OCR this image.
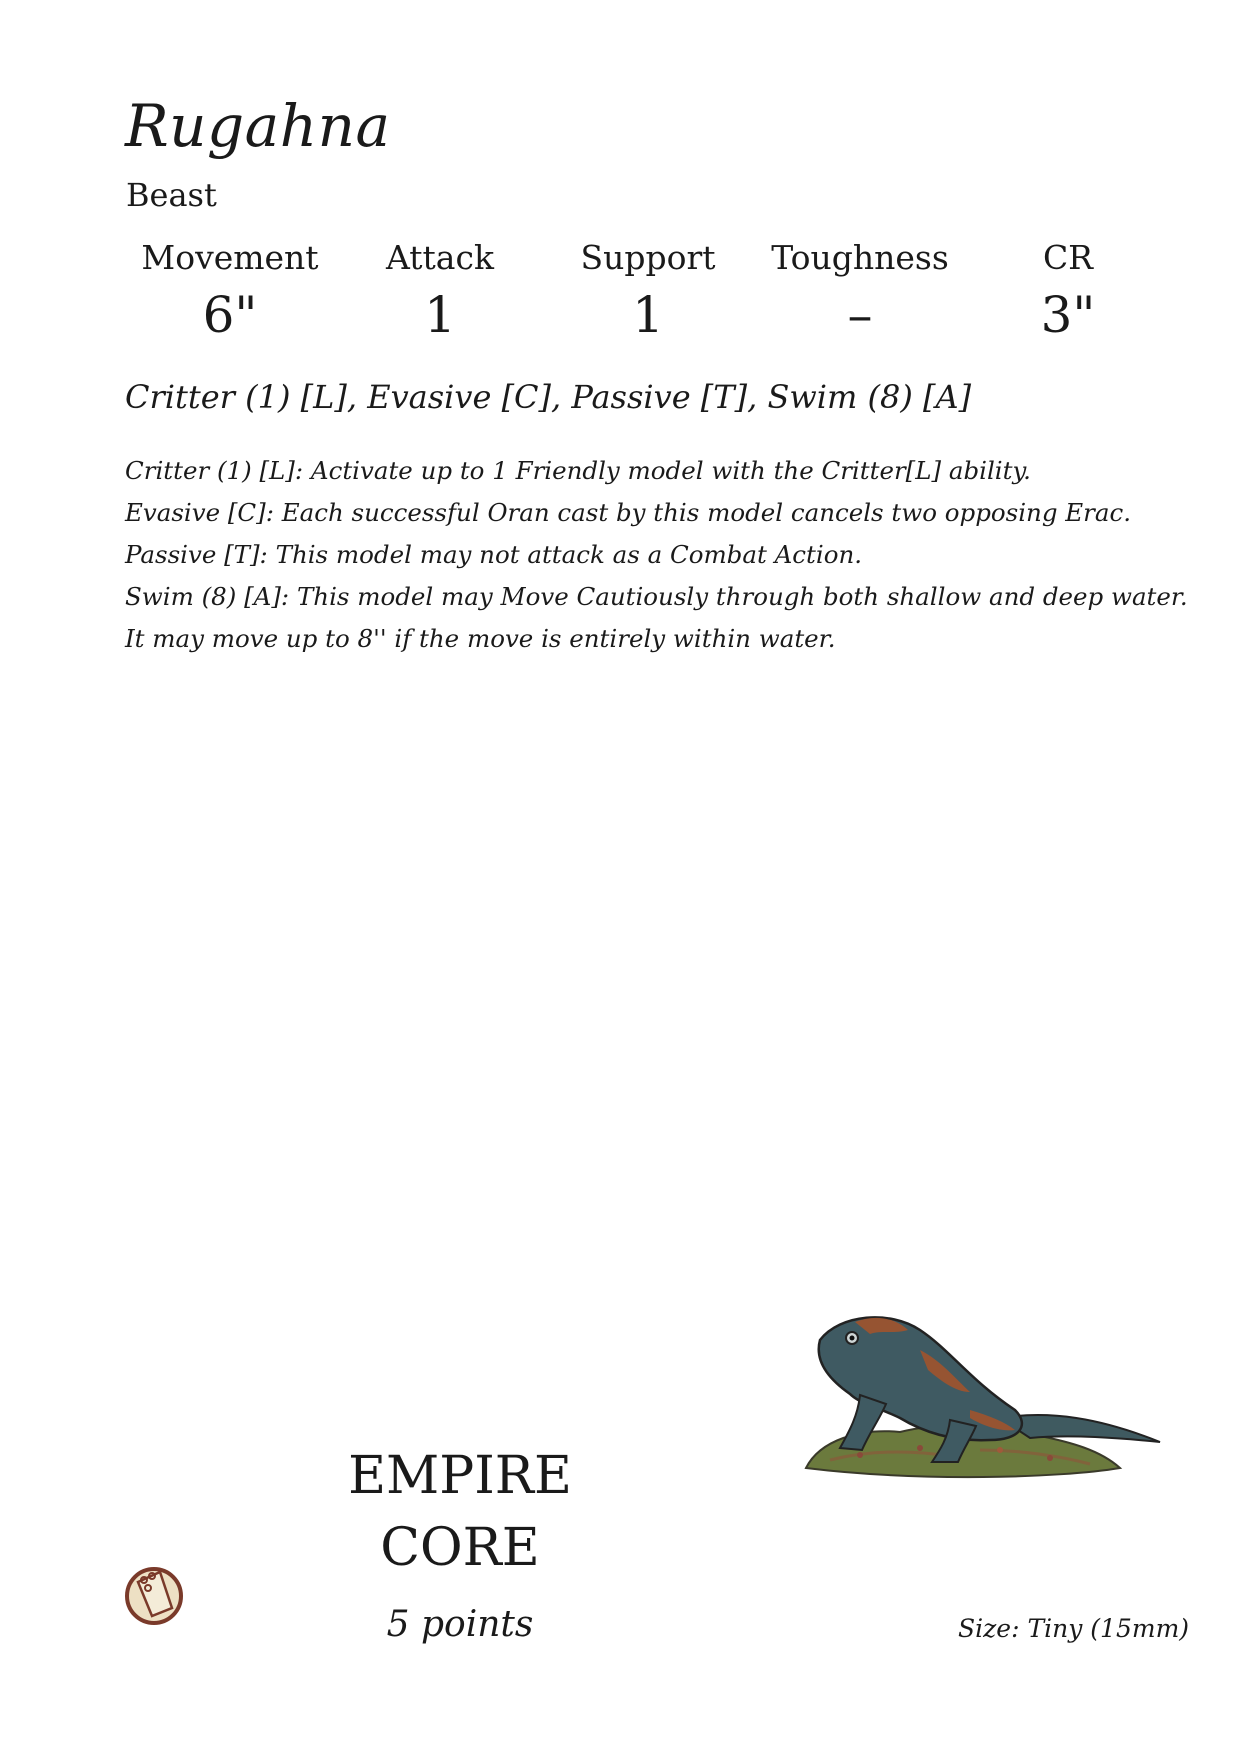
Rugahna
Beast
Movement	Attack	Support	Toughness	CR
6"	1	1	–	3"
Critter (1) [L], Evasive [C], Passive [T], Swim (8) [A]
Critter (1) [L]: Activate up to 1 Friendly model with the Critter[L] ability.
Evasive [C]: Each successful Oran cast by this model cancels two opposing Erac.
Passive [T]: This model may not attack as a Combat Action.
Swim (8) [A]: This model may Move Cautiously through both shallow and deep water.
It may move up to 8'' if the move is entirely within water.
EMPIRE
CORE
5 points	Size: Tiny (15mm)
